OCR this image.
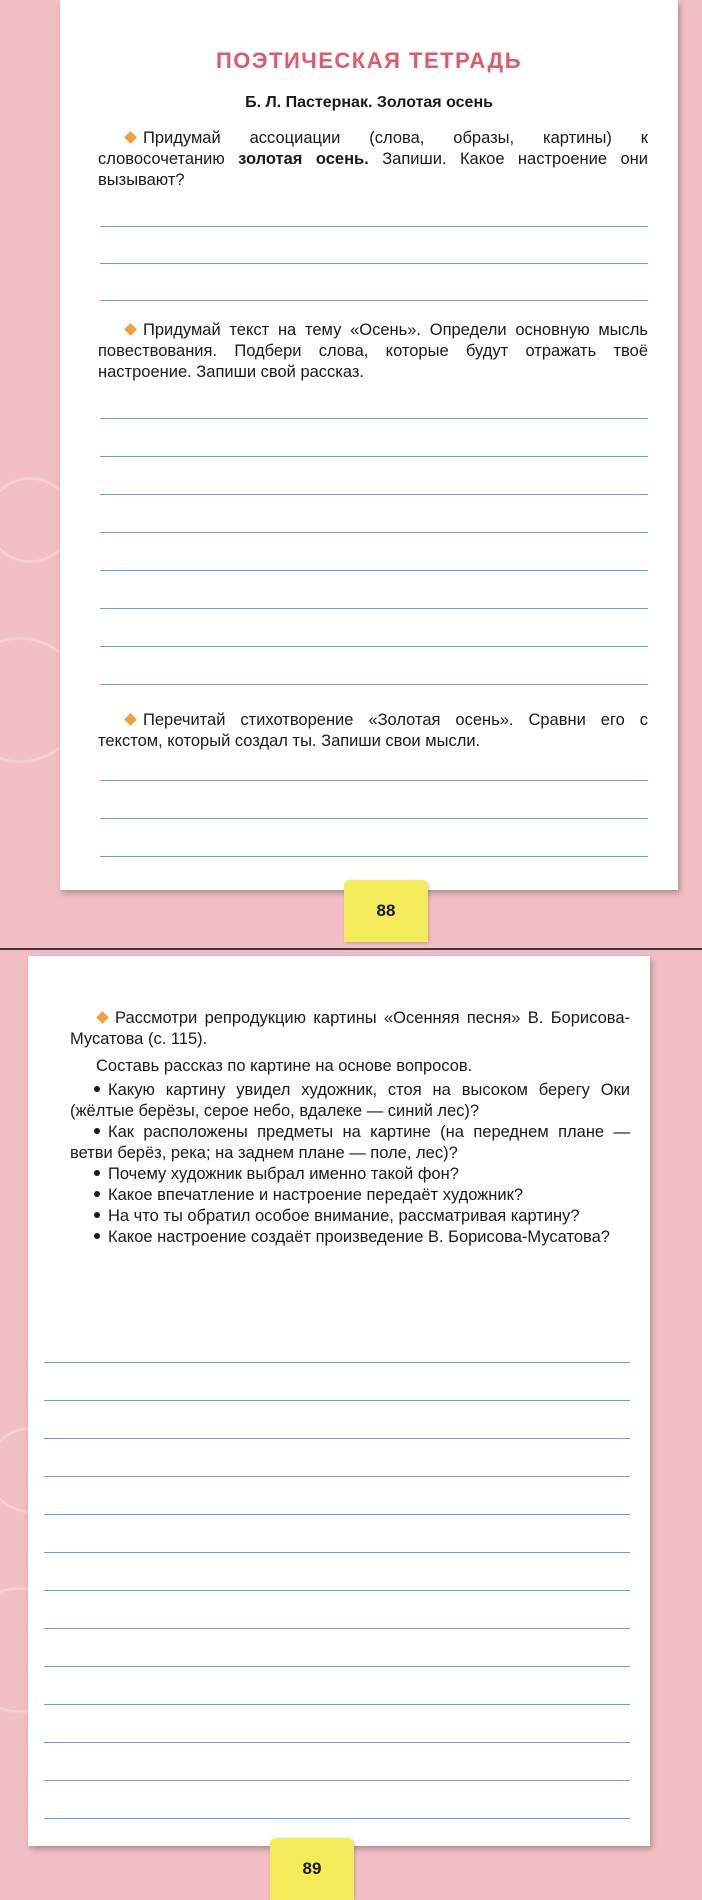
ПОЭТИЧЕСКАЯ ТЕТРАДЬ
Б. Л. Пастернак. Золотая осень
Придумай ассоциации (слова, образы, картины) к словосочетанию золотая осень. Запиши. Какое настроение они вызывают?
Придумай текст на тему «Осень». Определи основную мысль повествования. Подбери слова, которые будут отражать твоё настроение. Запиши свой рассказ.
Перечитай стихотворение «Золотая осень». Сравни его с текстом, который создал ты. Запиши свои мысли.
88
Рассмотри репродукцию картины «Осенняя песня» В. Борисова-Мусатова (с. 115).
Составь рассказ по картине на основе вопросов.
Какую картину увидел художник, стоя на высоком берегу Оки (жёлтые берёзы, серое небо, вдалеке — синий лес)?
Как расположены предметы на картине (на переднем плане — ветви берёз, река; на заднем плане — поле, лес)?
Почему художник выбрал именно такой фон?
Какое впечатление и настроение передаёт художник?
На что ты обратил особое внимание, рассматривая картину?
Какое настроение создаёт произведение В. Борисова-Мусатова?
89
